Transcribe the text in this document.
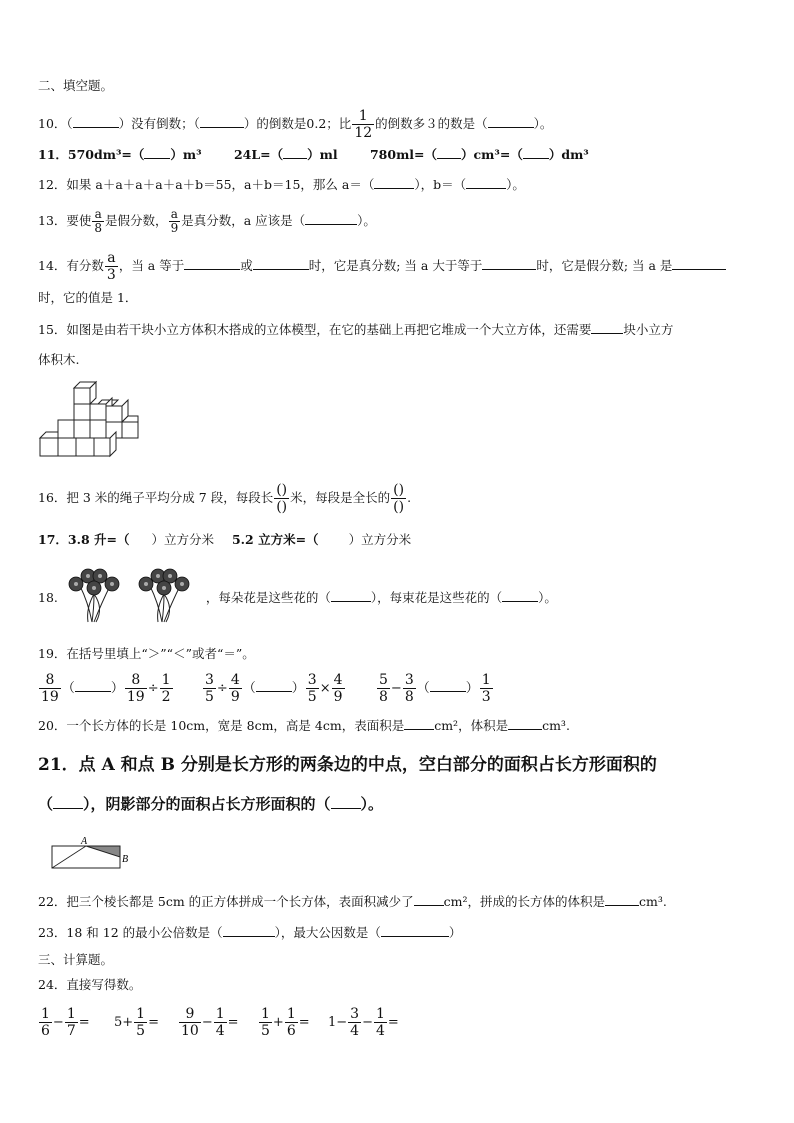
二、填空题。
10．（	）没有倒数；（	）的倒数是0.2；比 $\frac{1}{12}$ 的倒数多３的数是（	）。
11．570dm³=（ ）m³	24L=（ ）ml	780ml=（ ）cm³=（ ）dm³
12．如果 a＋a＋a＋a＋a＋b＝55，a＋b＝15，那么 a＝（	），b＝（	）。
13．要使 $\frac{a}{8}$ 是假分数， $\frac{a}{9}$ 是真分数，a 应该是（	）。
14．有分数 $\frac{a}{3}$ ，当 a 等于	或	时，它是真分数; 当 a 大于等于	时，它是假分数; 当 a 是
时，它的值是 1．
15．如图是由若干块小立方体积木搭成的立体模型，在它的基础上再把它堆成一个大立方体，还需要	块小立方
体积木.
16．把 3 米的绳子平均分成 7 段，每段长 $\frac{()}{()}$ 米，每段是全长的 $\frac{()}{()}$ .
17．3.8 升=（ ）立方分米 5.2 立方米=（ ）立方分米
18.	，每朵花是这些花的（	），每束花是这些花的（	）。
19．在括号里填上“＞”“＜”或者“＝”。
$\frac{8}{19}$ （	） $\frac{8}{19} \div \frac{1}{2} \frac{3}{5} \div \frac{4}{9}$ （	） $\frac{3}{5} \times \frac{4}{9} \frac{5}{8} - \frac{3}{8}$ （	） $\frac{1}{3}$
20．一个长方体的长是 10cm，宽是 8cm，高是 4cm，表面积是 cm²，体积是	cm³.
21．点 A 和点 B 分别是长方形的两条边的中点，空白部分的面积占长方形面积的
（ ），阴影部分的面积占长方形面积的（ ）。
A
B
22．把三个棱长都是 5cm 的正方体拼成一个长方体，表面积减少了 cm²，拼成的长方体的体积是	cm³.
23．18 和 12 的最小公倍数是（	），最大公因数是（	）
三、计算题。
24．直接写得数。
$\frac{1}{6} - \frac{1}{7} = 5+ \frac{1}{5} = \frac{9}{10} - \frac{1}{4} = \frac{1}{5} + \frac{1}{6} = 1- \frac{3}{4} - \frac{1}{4}$ =
